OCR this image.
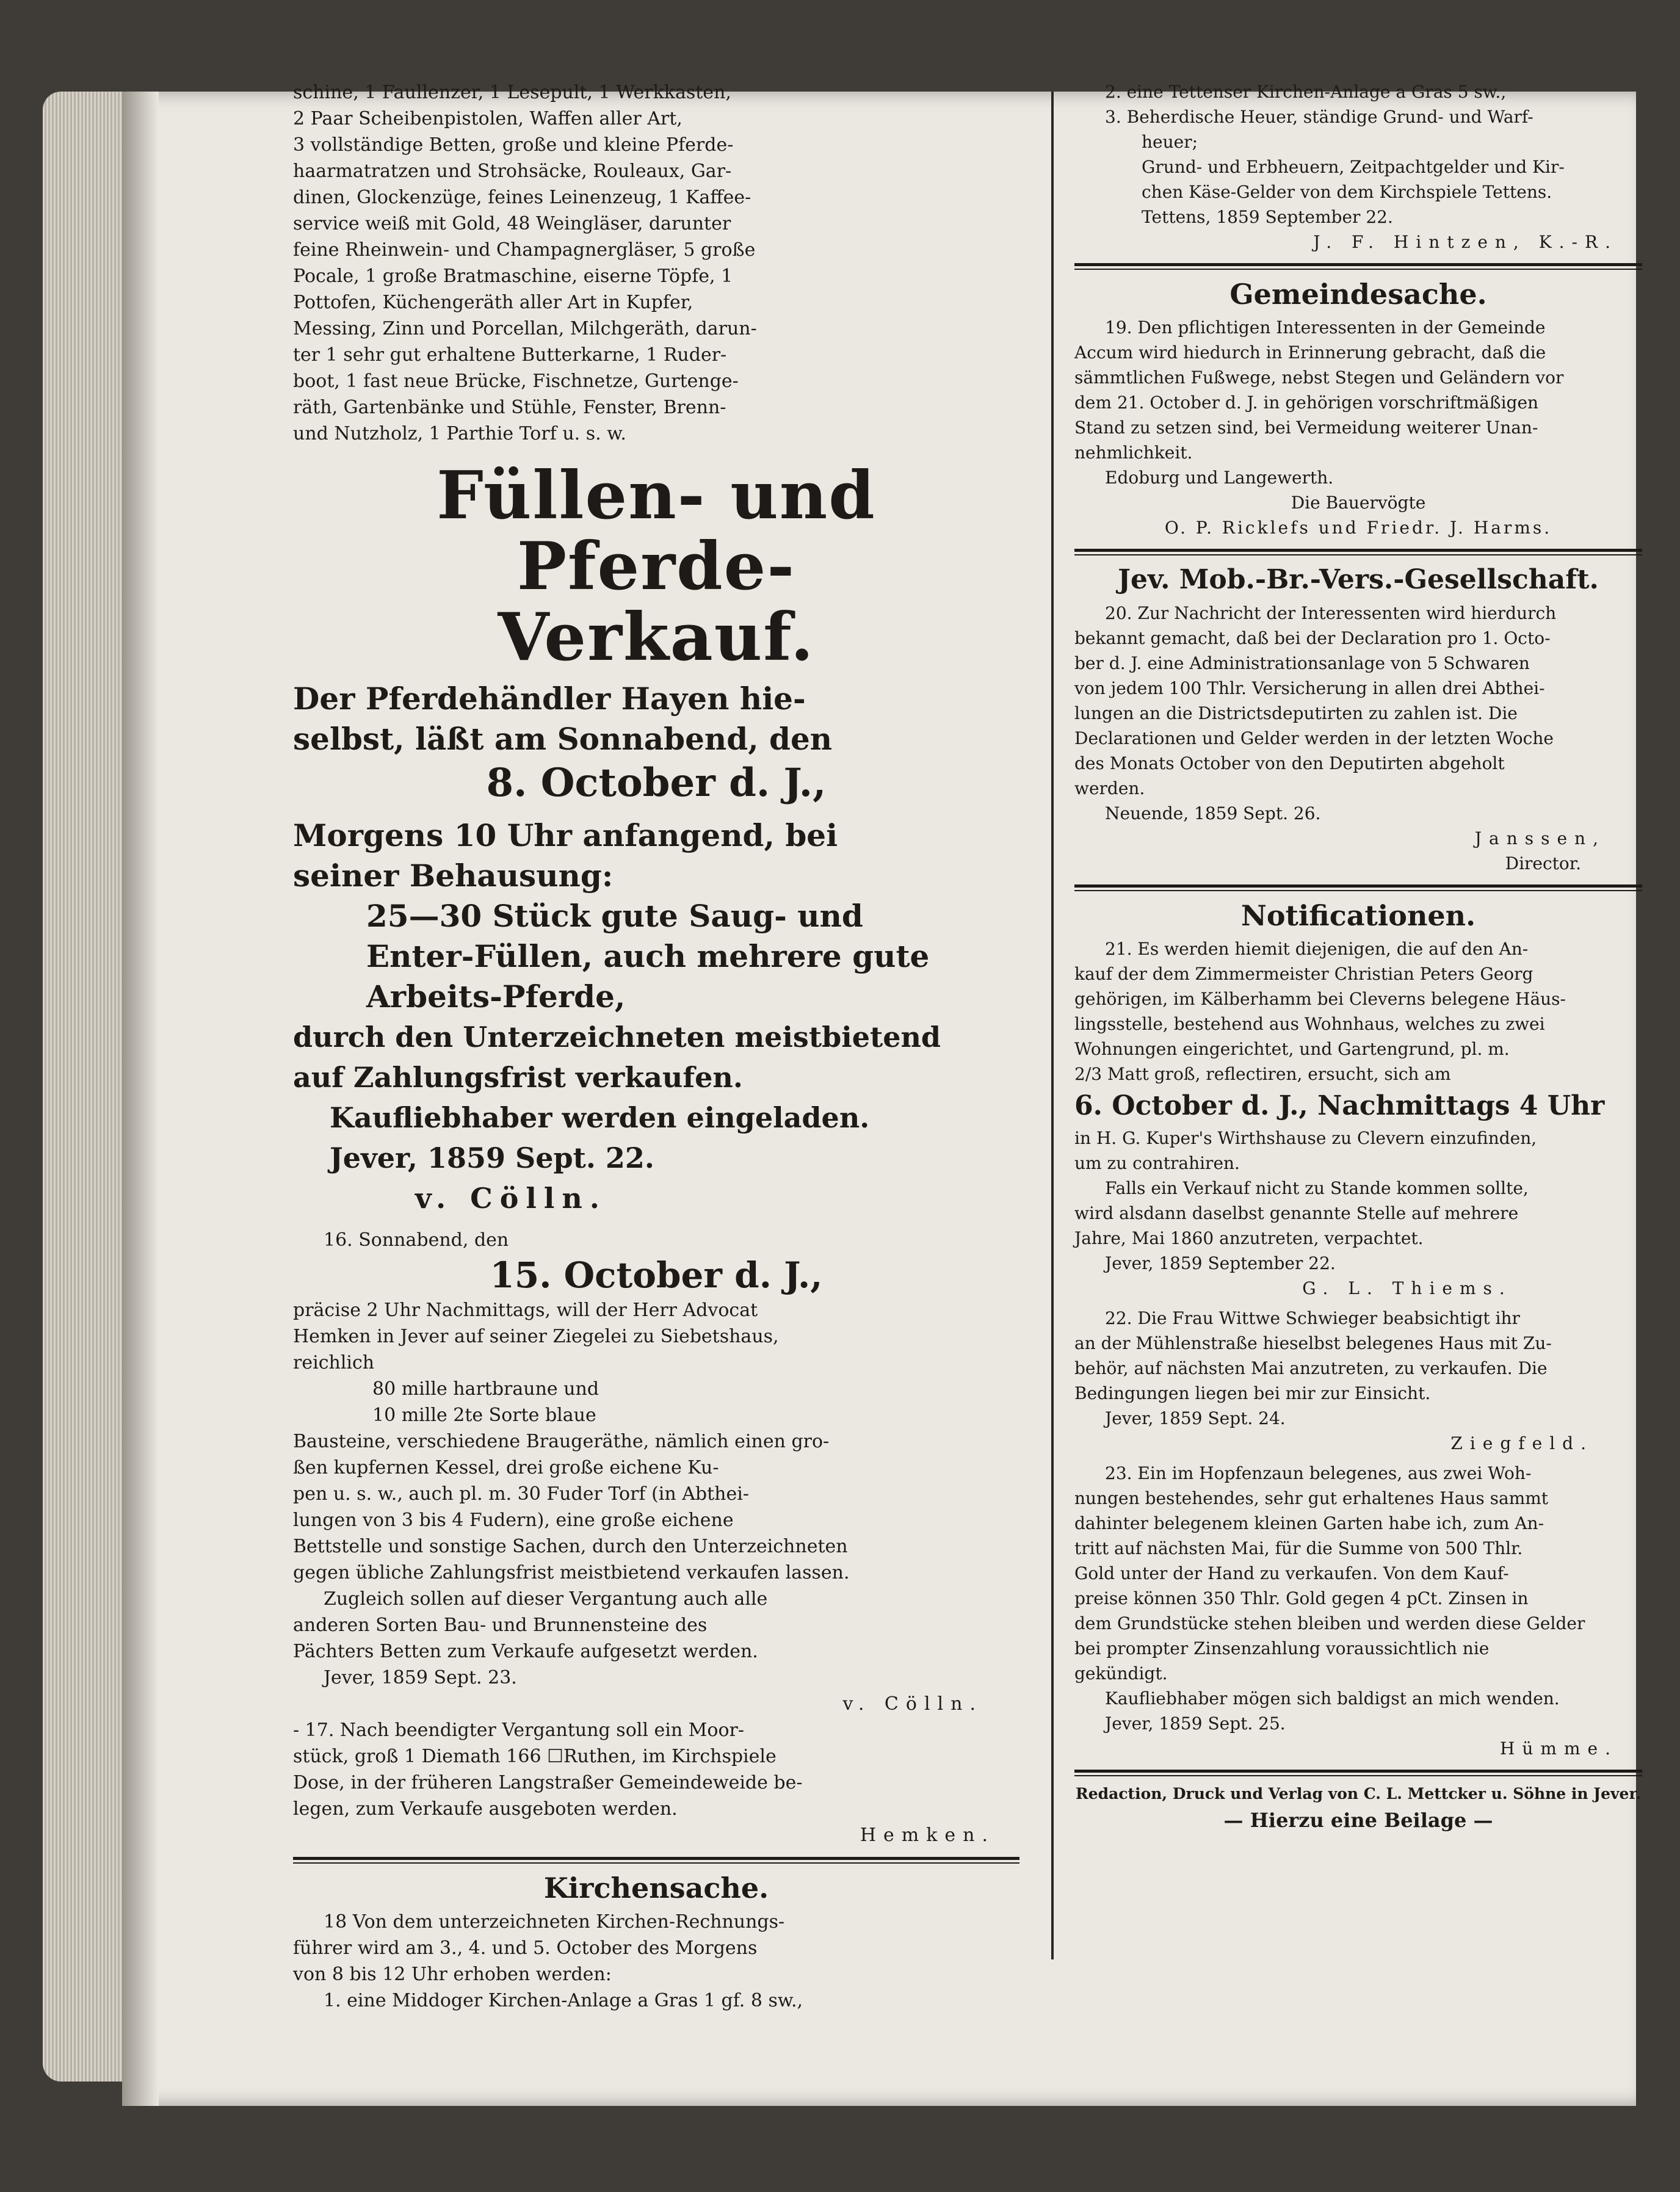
schine, 1 Faullenzer, 1 Lesepult, 1 Werkkasten,

2 Paar Scheibenpistolen, Waffen aller Art,

3 vollständige Betten, große und kleine Pferde-

haarmatratzen und Strohsäcke, Rouleaux, Gar-

dinen, Glockenzüge, feines Leinenzeug, 1 Kaffee-

service weiß mit Gold, 48 Weingläser, darunter

feine Rheinwein- und Champagnergläser, 5 große

Pocale, 1 große Bratmaschine, eiserne Töpfe, 1

Pottofen, Küchengeräth aller Art in Kupfer,

Messing, Zinn und Porcellan, Milchgeräth, darun-

ter 1 sehr gut erhaltene Butterkarne, 1 Ruder-

boot, 1 fast neue Brücke, Fischnetze, Gurtenge-

räth, Gartenbänke und Stühle, Fenster, Brenn-

und Nutzholz, 1 Parthie Torf u. s. w.

Füllen- und Pferde-
Verkauf.

Der Pferdehändler Hayen hie-

selbst, läßt am Sonnabend, den

8. October d. J.,

Morgens 10 Uhr anfangend, bei

seiner Behausung:

25—30 Stück gute Saug- und

Enter-Füllen, auch mehrere gute

Arbeits-Pferde,

durch den Unterzeichneten meistbietend

auf Zahlungsfrist verkaufen.

Kaufliebhaber werden eingeladen.

Jever, 1859 Sept. 22.

v. Cölln.

16. Sonnabend, den

15. October d. J.,

präcise 2 Uhr Nachmittags, will der Herr Advocat

Hemken in Jever auf seiner Ziegelei zu Siebetshaus,

reichlich

80 mille hartbraune und

10 mille 2te Sorte blaue

Bausteine, verschiedene Braugeräthe, nämlich einen gro-

ßen kupfernen Kessel, drei große eichene Ku-

pen u. s. w., auch pl. m. 30 Fuder Torf (in Abthei-

lungen von 3 bis 4 Fudern), eine große eichene

Bettstelle und sonstige Sachen, durch den Unterzeichneten

gegen übliche Zahlungsfrist meistbietend verkaufen lassen.

Zugleich sollen auf dieser Vergantung auch alle

anderen Sorten Bau- und Brunnensteine des

Pächters Betten zum Verkaufe aufgesetzt werden.

Jever, 1859 Sept. 23.

v. Cölln.

- 17. Nach beendigter Vergantung soll ein Moor-

stück, groß 1 Diemath 166 ☐Ruthen, im Kirchspiele

Dose, in der früheren Langstraßer Gemeindeweide be-

legen, zum Verkaufe ausgeboten werden.

Hemken.

Kirchensache.

18 Von dem unterzeichneten Kirchen-Rechnungs-

führer wird am 3., 4. und 5. October des Morgens

von 8 bis 12 Uhr erhoben werden:

1. eine Middoger Kirchen-Anlage a Gras 1 gf. 8 sw.,

2. eine Tettenser Kirchen-Anlage a Gras 5 sw.,

3. Beherdische Heuer, ständige Grund- und Warf-

heuer;

Grund- und Erbheuern, Zeitpachtgelder und Kir-

chen Käse-Gelder von dem Kirchspiele Tettens.

Tettens, 1859 September 22.

J. F. Hintzen, K.-R.

Gemeindesache.

19. Den pflichtigen Interessenten in der Gemeinde

Accum wird hiedurch in Erinnerung gebracht, daß die

sämmtlichen Fußwege, nebst Stegen und Geländern vor

dem 21. October d. J. in gehörigen vorschriftmäßigen

Stand zu setzen sind, bei Vermeidung weiterer Unan-

nehmlichkeit.

Edoburg und Langewerth.

Die Bauervögte

O. P. Ricklefs und Friedr. J. Harms.

Jev. Mob.-Br.-Vers.-Gesellschaft.

20. Zur Nachricht der Interessenten wird hierdurch

bekannt gemacht, daß bei der Declaration pro 1. Octo-

ber d. J. eine Administrationsanlage von 5 Schwaren

von jedem 100 Thlr. Versicherung in allen drei Abthei-

lungen an die Districtsdeputirten zu zahlen ist. Die

Declarationen und Gelder werden in der letzten Woche

des Monats October von den Deputirten abgeholt

werden.

Neuende, 1859 Sept. 26.

Janssen,

Director.

Notificationen.

21. Es werden hiemit diejenigen, die auf den An-

kauf der dem Zimmermeister Christian Peters Georg

gehörigen, im Kälberhamm bei Cleverns belegene Häus-

lingsstelle, bestehend aus Wohnhaus, welches zu zwei

Wohnungen eingerichtet, und Gartengrund, pl. m.

2/3 Matt groß, reflectiren, ersucht, sich am

6. October d. J., Nachmittags 4 Uhr

in H. G. Kuper's Wirthshause zu Clevern einzufinden,

um zu contrahiren.

Falls ein Verkauf nicht zu Stande kommen sollte,

wird alsdann daselbst genannte Stelle auf mehrere

Jahre, Mai 1860 anzutreten, verpachtet.

Jever, 1859 September 22.

G. L. Thiems.

22. Die Frau Wittwe Schwieger beabsichtigt ihr

an der Mühlenstraße hieselbst belegenes Haus mit Zu-

behör, auf nächsten Mai anzutreten, zu verkaufen. Die

Bedingungen liegen bei mir zur Einsicht.

Jever, 1859 Sept. 24.

Ziegfeld.

23. Ein im Hopfenzaun belegenes, aus zwei Woh-

nungen bestehendes, sehr gut erhaltenes Haus sammt

dahinter belegenem kleinen Garten habe ich, zum An-

tritt auf nächsten Mai, für die Summe von 500 Thlr.

Gold unter der Hand zu verkaufen. Von dem Kauf-

preise können 350 Thlr. Gold gegen 4 pCt. Zinsen in

dem Grundstücke stehen bleiben und werden diese Gelder

bei prompter Zinsenzahlung voraussichtlich nie

gekündigt.

Kaufliebhaber mögen sich baldigst an mich wenden.

Jever, 1859 Sept. 25.

Hümme.

Redaction, Druck und Verlag von C. L. Mettcker u. Söhne in Jever.

— Hierzu eine Beilage —
